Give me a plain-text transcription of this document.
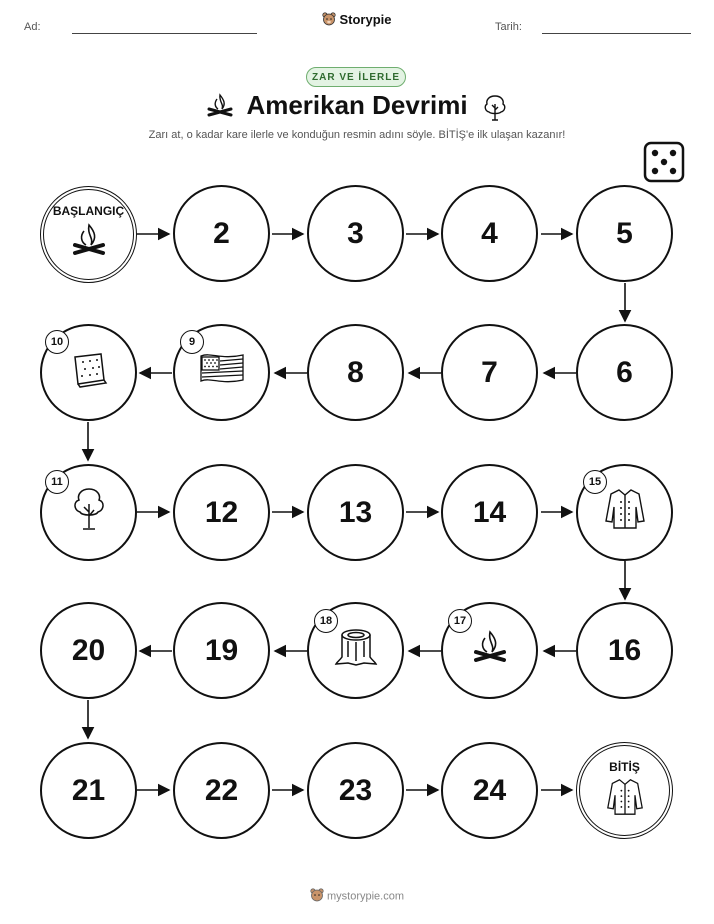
Ad:	Tarih:
Storypie
ZAR VE İLERLE
Amerikan Devrimi
Zarı at, o kadar kare ilerle ve konduğun resmin adını söyle. BİTİŞ'e ilk ulaşan kazanır!
BAŞLANGIÇ
2	3	4	5
6
7
8
9
10
11
12	13	14
15
16
17
18
19
20
21	22	23	24
BİTİŞ
mystorypie.com
